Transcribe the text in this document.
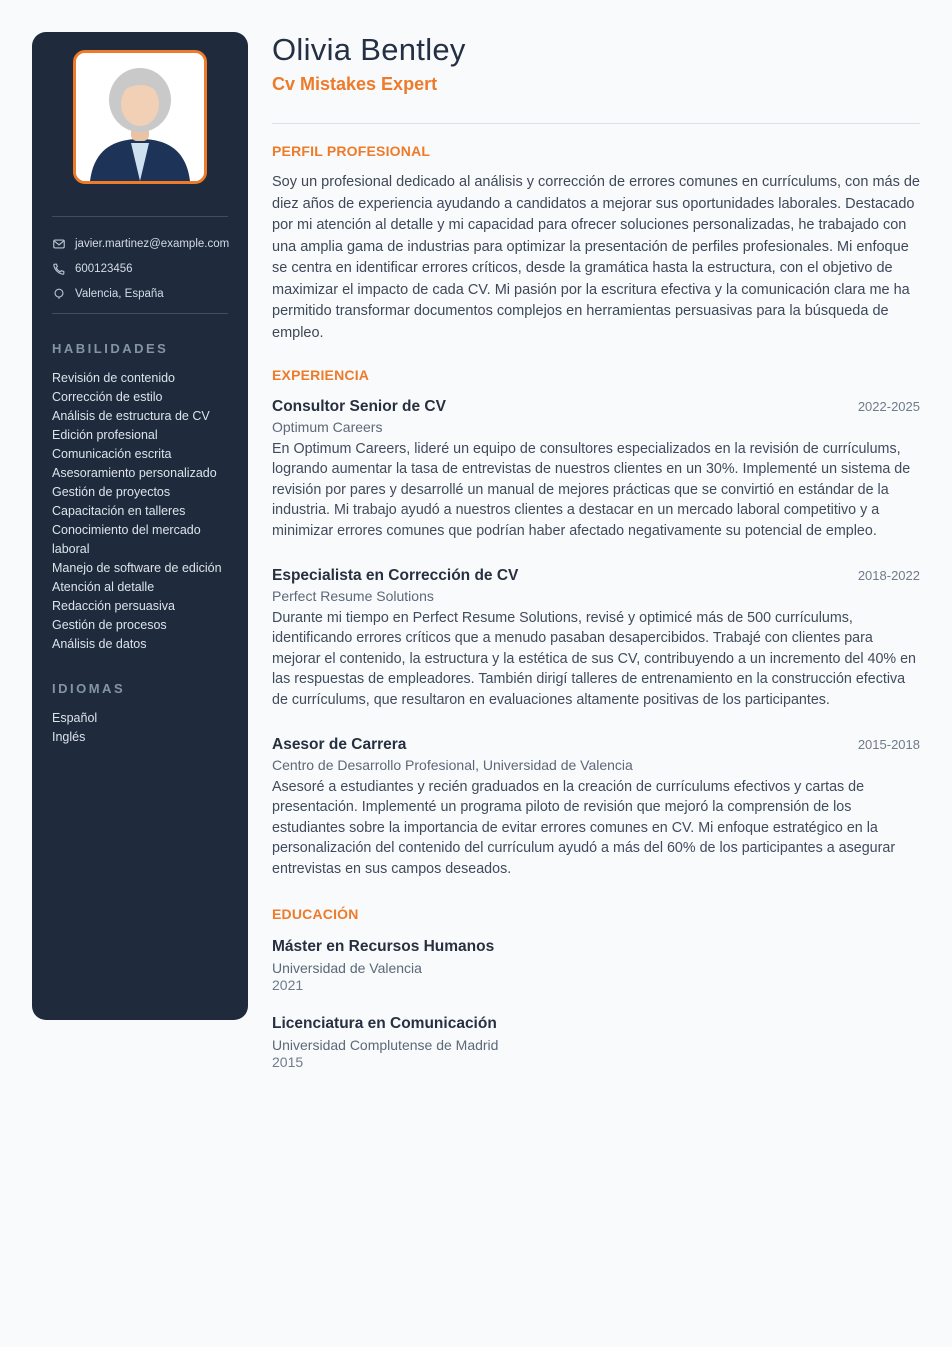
javier.martinez@example.com
600123456
Valencia, España
HABILIDADES
Revisión de contenido
Corrección de estilo
Análisis de estructura de CV
Edición profesional
Comunicación escrita
Asesoramiento personalizado
Gestión de proyectos
Capacitación en talleres
Conocimiento del mercado laboral
Manejo de software de edición
Atención al detalle
Redacción persuasiva
Gestión de procesos
Análisis de datos
IDIOMAS
Español
Inglés
Olivia Bentley
Cv Mistakes Expert
PERFIL PROFESIONAL

Soy un profesional dedicado al análisis y corrección de errores comunes en currículums, con más de diez años de experiencia ayudando a candidatos a mejorar sus oportunidades laborales. Destacado por mi atención al detalle y mi capacidad para ofrecer soluciones personalizadas, he trabajado con una amplia gama de industrias para optimizar la presentación de perfiles profesionales. Mi enfoque se centra en identificar errores críticos, desde la gramática hasta la estructura, con el objetivo de maximizar el impacto de cada CV. Mi pasión por la escritura efectiva y la comunicación clara me ha permitido transformar documentos complejos en herramientas persuasivas para la búsqueda de empleo.

EXPERIENCIA
Consultor Senior de CV	2022-2025
Optimum Careers

En Optimum Careers, lideré un equipo de consultores especializados en la revisión de currículums, logrando aumentar la tasa de entrevistas de nuestros clientes en un 30%. Implementé un sistema de revisión por pares y desarrollé un manual de mejores prácticas que se convirtió en estándar de la industria. Mi trabajo ayudó a nuestros clientes a destacar en un mercado laboral competitivo y a minimizar errores comunes que podrían haber afectado negativamente su potencial de empleo.

Especialista en Corrección de CV	2018-2022
Perfect Resume Solutions

Durante mi tiempo en Perfect Resume Solutions, revisé y optimicé más de 500 currículums, identificando errores críticos que a menudo pasaban desapercibidos. Trabajé con clientes para mejorar el contenido, la estructura y la estética de sus CV, contribuyendo a un incremento del 40% en las respuestas de empleadores. También dirigí talleres de entrenamiento en la construcción efectiva de currículums, que resultaron en evaluaciones altamente positivas de los participantes.

Asesor de Carrera	2015-2018
Centro de Desarrollo Profesional, Universidad de Valencia

Asesoré a estudiantes y recién graduados en la creación de currículums efectivos y cartas de presentación. Implementé un programa piloto de revisión que mejoró la comprensión de los estudiantes sobre la importancia de evitar errores comunes en CV. Mi enfoque estratégico en la personalización del contenido del currículum ayudó a más del 60% de los participantes a asegurar entrevistas en sus campos deseados.

EDUCACIÓN
Máster en Recursos Humanos
Universidad de Valencia
2021
Licenciatura en Comunicación
Universidad Complutense de Madrid
2015
